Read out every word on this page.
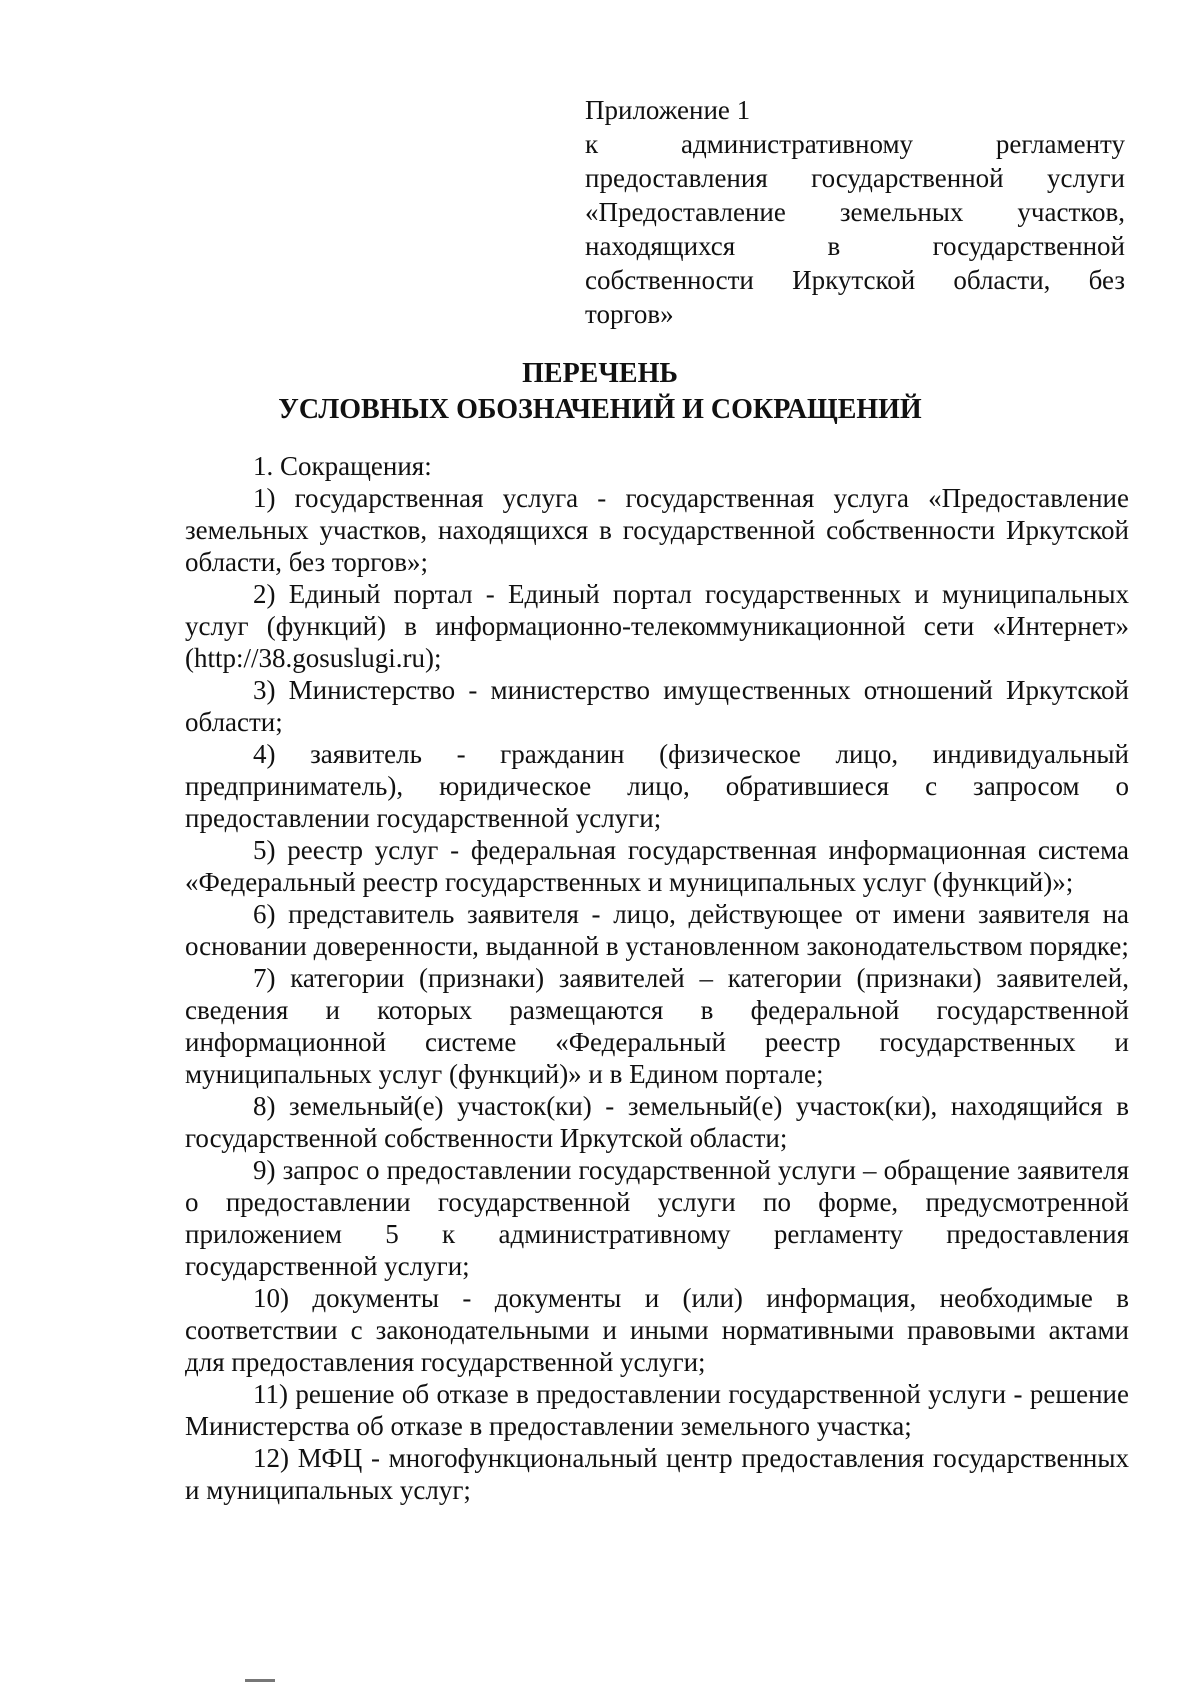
Приложение 1
к административному регламенту предоставления государственной услуги «Предоставление земельных участков, находящихся в государственной собственности Иркутской области, без торгов»
ПЕРЕЧЕНЬ
УСЛОВНЫХ ОБОЗНАЧЕНИЙ И СОКРАЩЕНИЙ

1. Сокращения:

1) государственная услуга - государственная услуга «Предоставление земельных участков, находящихся в государственной собственности Иркутской области, без торгов»;

2) Единый портал - Единый портал государственных и муниципальных услуг (функций) в информационно-телекоммуникационной сети «Интернет» (http://38.gosuslugi.ru);

3) Министерство - министерство имущественных отношений Иркутской области;

4) заявитель - гражданин (физическое лицо, индивидуальный предприниматель), юридическое лицо, обратившиеся с запросом о предоставлении государственной услуги;

5) реестр услуг - федеральная государственная информационная система «Федеральный реестр государственных и муниципальных услуг (функций)»;

6) представитель заявителя - лицо, действующее от имени заявителя на основании доверенности, выданной в установленном законодательством порядке;

7) категории (признаки) заявителей – категории (признаки) заявителей, сведения и которых размещаются в федеральной государственной информационной системе «Федеральный реестр государственных и муниципальных услуг (функций)» и в Едином портале;

8) земельный(е) участок(ки) - земельный(е) участок(ки), находящийся в государственной собственности Иркутской области;

9) запрос о предоставлении государственной услуги – обращение заявителя о предоставлении государственной услуги по форме, предусмотренной приложением 5 к административному регламенту предоставления государственной услуги;

10) документы - документы и (или) информация, необходимые в соответствии с законодательными и иными нормативными правовыми актами для предоставления государственной услуги;

11) решение об отказе в предоставлении государственной услуги - решение Министерства об отказе в предоставлении земельного участка;

12) МФЦ - многофункциональный центр предоставления государственных и муниципальных услуг;
